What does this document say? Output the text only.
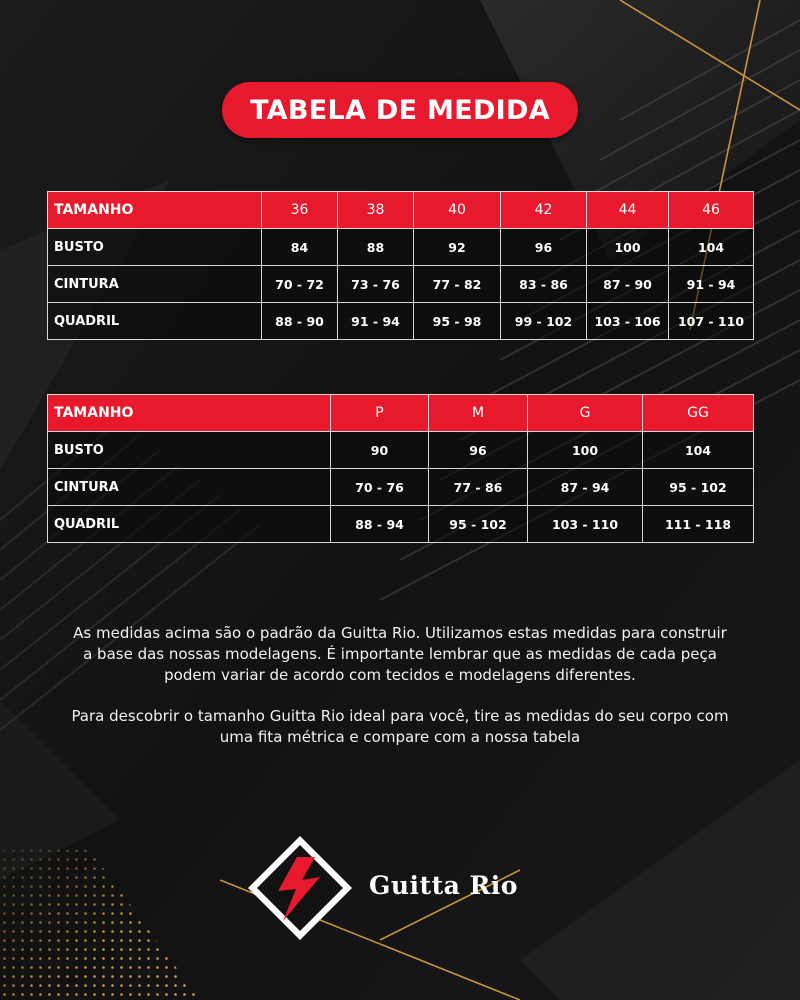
TABELA DE MEDIDA
TAMANHO	36	38	40	42	44	46
BUSTO	84	88	92	96	100	104
CINTURA	70 - 72	73 - 76	77 - 82	83 - 86	87 - 90	91 - 94
QUADRIL	88 - 90	91 - 94	95 - 98	99 - 102	103 - 106	107 - 110
TAMANHO	P	M	G	GG
BUSTO	90	96	100	104
CINTURA	70 - 76	77 - 86	87 - 94	95 - 102
QUADRIL	88 - 94	95 - 102	103 - 110	111 - 118
As medidas acima são o padrão da Guitta Rio. Utilizamos estas medidas para construir
a base das nossas modelagens. É importante lembrar que as medidas de cada peça
podem variar de acordo com tecidos e modelagens diferentes.
Para descobrir o tamanho Guitta Rio ideal para você, tire as medidas do seu corpo com
uma fita métrica e compare com a nossa tabela
Guitta Rio
